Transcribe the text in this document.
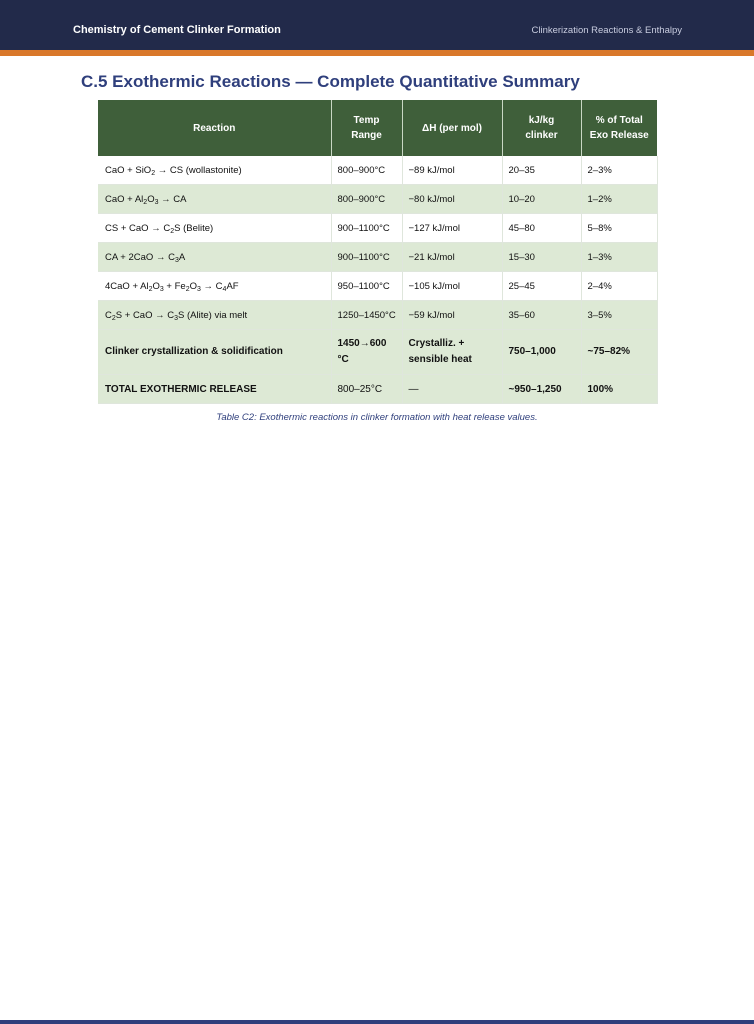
Chemistry of Cement Clinker Formation	Clinkerization Reactions & Enthalpy
C.5 Exothermic Reactions — Complete Quantitative Summary
Reaction	Temp Range	ΔH (per mol)	kJ/kg clinker	% of Total Exo Release
CaO + SiO$_2$ → CS (wollastonite)	800–900°C	−89 kJ/mol	20–35	2–3%
CaO + $Al_2O_3$ → CA	800–900°C	−80 kJ/mol	10–20	1–2%
CS + CaO → $C_2S$ (Belite)	900–1100°C	−127 kJ/mol	45–80	5–8%
CA + $2CaO \to C_3A$	900–1100°C	−21 kJ/mol	15–30	1–3%
$4CaO + Al_2O_3 + Fe_2O_3 \to C_4AF$	950–1100°C	−105 kJ/mol	25–45	2–4%
$C_2S$ + CaO → $C_3S$ (Alite) via melt	1250–1450°C	−59 kJ/mol	35–60	3–5%
Clinker crystallization & solidification	1450→600 °C	Crystalliz. + sensible heat	750–1,000	~75–82%
TOTAL EXOTHERMIC RELEASE	800–25°C	—	~950–1,250	100%
Table C2: Exothermic reactions in clinker formation with heat release values.
